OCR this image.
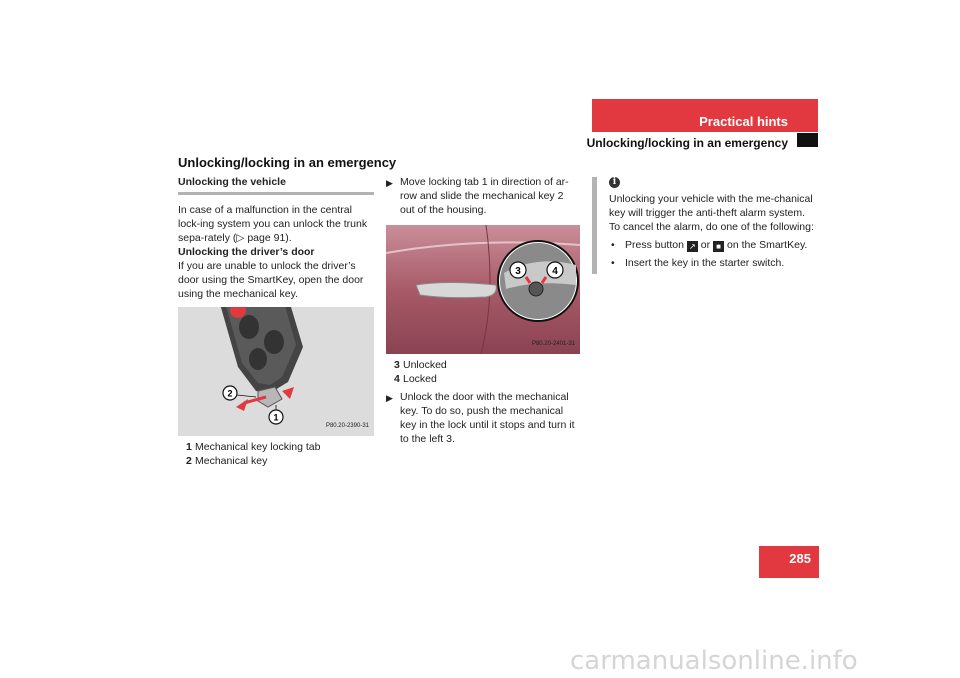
Practical hints
Unlocking/locking in an emergency
Unlocking/locking in an emergency
Unlocking the vehicle

In case of a malfunction in the central lock-ing system you can unlock the trunk sepa-rately (▷ page 91).

Unlocking the driver’s door

If you are unable to unlock the driver’s door using the SmartKey, open the door using the mechanical key.

2
1
P80.20-2390-31
1 Mechanical key locking tab
2 Mechanical key
▶ Move locking tab 1 in direction of ar-row and slide the mechanical key 2 out of the housing.
3	4
P80.20-2401-31
3 Unlocked
4 Locked
▶ Unlock the door with the mechanical key. To do so, push the mechanical key in the lock until it stops and turn it to the left 3.
i

Unlocking your vehicle with the me-chanical key will trigger the anti-theft alarm system. To cancel the alarm, do one of the following:

• Press button ↗ or ■ on the SmartKey.
• Insert the key in the starter switch.
285
carmanualsonline.info
